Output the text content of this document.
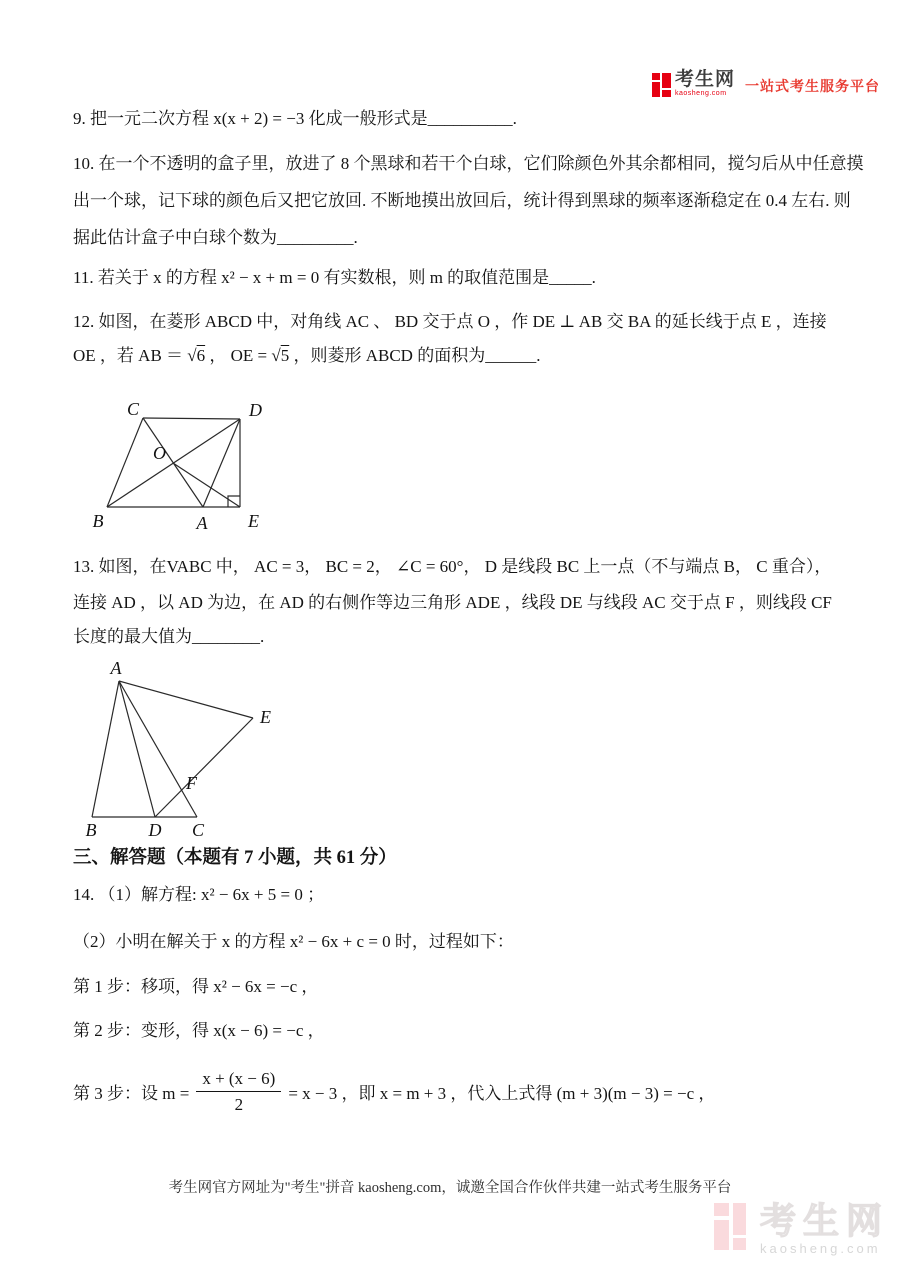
考生网
kaosheng.com	一站式考生服务平台
9. 把一元二次方程 x(x + 2) = −3 化成一般形式是__________.
10. 在一个不透明的盒子里，放进了 8 个黑球和若干个白球，它们除颜色外其余都相同，搅匀后从中任意摸
出一个球，记下球的颜色后又把它放回. 不断地摸出放回后，统计得到黑球的频率逐渐稳定在 0.4 左右. 则
据此估计盒子中白球个数为_________.
11. 若关于 x 的方程 x² − x + m = 0 有实数根，则 m 的取值范围是_____.
12. 如图，在菱形 ABCD 中，对角线 AC 、 BD 交于点 O ，作 DE ⊥ AB 交 BA 的延长线于点 E ，连接
OE ，若 AB ＝ √6 ， OE = √5 ，则菱形 ABCD 的面积为______.
C	D
O
B	A E
13. 如图，在VABC 中， AC = 3， BC = 2， ∠C = 60°， D 是线段 BC 上一点（不与端点 B， C 重合），
连接 AD ，以 AD 为边，在 AD 的右侧作等边三角形 ADE ，线段 DE 与线段 AC 交于点 F ，则线段 CF
长度的最大值为________.
A
E
F
B	D C
三、解答题（本题有 7 小题，共 61 分）
14. （1）解方程: x² − 6x + 5 = 0 ；
（2）小明在解关于 x 的方程 x² − 6x + c = 0 时，过程如下：
第 1 步：移项，得 x² − 6x = −c ，
第 2 步：变形，得 x(x − 6) = −c ，
第 3 步：设 $m = \frac{x + (x - 6)}{2} = x - 3$ ，即 x = m + 3 ，代入上式得 (m + 3)(m − 3) = −c ，
考生网官方网址为"考生"拼音 kaosheng.com，诚邀全国合作伙伴共建一站式考生服务平台
考生网
kaosheng.com
